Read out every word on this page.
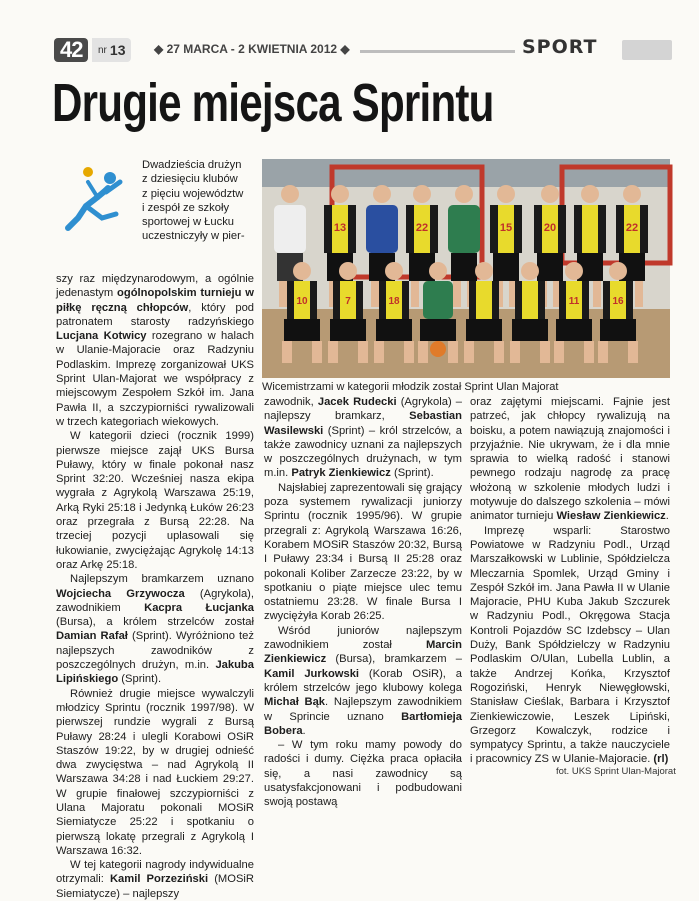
42	nr 13 ◆ 27 MARCA - 2 KWIETNIA 2012 ◆	SPORT
Drugie miejsca Sprintu
Dwadzieścia drużyn
z dziesięciu klubów
z pięciu województw
i zespół ze szkoły
sportowej w Łucku
uczestniczyły w pier-

szy raz międzynarodowym, a ogólnie jedenastym ogólnopolskim turnieju w piłkę ręczną chłopców, który pod patronatem starosty radzyńskiego Lucjana Kotwicy rozegrano w halach w Ulanie-Majoracie oraz Radzyniu Podlaskim. Imprezę zorganizował UKS Sprint Ulan-Majorat we współpracy z miejscowym Zespołem Szkół im. Jana Pawła II, a szczypiorniści rywalizowali w trzech kategoriach wiekowych.

W kategorii dzieci (rocznik 1999) pierwsze miejsce zajął UKS Bursa Puławy, który w finale pokonał nasz Sprint 32:20. Wcześniej nasza ekipa wygrała z Agrykolą Warszawa 25:19, Arką Ryki 25:18 i Jedynką Łuków 26:23 oraz przegrała z Bursą 22:28. Na trzeciej pozycji uplasowali się łukowianie, zwyciężając Agrykolę 14:13 oraz Arkę 25:18.

Najlepszym bramkarzem uznano Wojciecha Grzywocza (Agrykola), zawodnikiem Kacpra Łucjanka (Bursa), a królem strzelców został Damian Rafał (Sprint). Wyróżniono też najlepszych zawodników z poszczególnych drużyn, m.in. Jakuba Lipińskiego (Sprint).

Również drugie miejsce wywalczyli młodzicy Sprintu (rocznik 1997/98). W pierwszej rundzie wygrali z Bursą Puławy 28:24 i ulegli Korabowi OSiR Staszów 19:22, by w drugiej odnieść dwa zwycięstwa – nad Agrykolą II Warszawa 34:28 i nad Łuckiem 29:27. W grupie finałowej szczypiorniści z Ulana Majoratu pokonali MOSiR Siemiatycze 25:22 i spotkaniu o pierwszą lokatę przegrali z Agrykolą I Warszawa 16:32.

W tej kategorii nagrody indywidualne otrzymali: Kamil Porzeziński (MOSiR Siemiatycze) – najlepszy

13	22	15	20	22
10	7	18	11	16
Wicemistrzami w kategorii młodzik został Sprint Ulan Majorat

zawodnik, Jacek Rudecki (Agrykola) – najlepszy bramkarz, Sebastian Wasilewski (Sprint) – król strzelców, a także zawodnicy uznani za najlepszych w poszczególnych drużynach, w tym m.in. Patryk Zienkiewicz (Sprint).

Najsłabiej zaprezentowali się grający poza systemem rywalizacji juniorzy Sprintu (rocznik 1995/96). W grupie przegrali z: Agrykolą Warszawa 16:26, Korabem MOSiR Staszów 20:32, Bursą I Puławy 23:34 i Bursą II 25:28 oraz pokonali Koliber Zarzecze 23:22, by w spotkaniu o piąte miejsce ulec temu ostatniemu 23:28. W finale Bursa I zwyciężyła Korab 26:25.

Wśród juniorów najlepszym zawodnikiem został Marcin Zienkiewicz (Bursa), bramkarzem – Kamil Jurkowski (Korab OSiR), a królem strzelców jego klubowy kolega Michał Bąk. Najlepszym zawodnikiem w Sprincie uznano Bartłomieja Bobera.

– W tym roku mamy powody do radości i dumy. Ciężka praca opłaciła się, a nasi zawodnicy są usatysfakcjonowani i podbudowani swoją postawą

oraz zajętymi miejscami. Fajnie jest patrzeć, jak chłopcy rywalizują na boisku, a potem nawiązują znajomości i przyjaźnie. Nie ukrywam, że i dla mnie sprawia to wielką radość i stanowi pewnego rodzaju nagrodę za pracę włożoną w szkolenie młodych ludzi i motywuje do dalszego szkolenia – mówi animator turnieju Wiesław Zienkiewicz.

Imprezę wsparli: Starostwo Powiatowe w Radzyniu Podl., Urząd Marszałkowski w Lublinie, Spółdzielcza Mleczarnia Spomlek, Urząd Gminy i Zespół Szkół im. Jana Pawła II w Ulanie Majoracie, PHU Kuba Jakub Szczurek w Radzyniu Podl., Okręgowa Stacja Kontroli Pojazdów SC Izdebscy – Ulan Duży, Bank Spółdzielczy w Radzyniu Podlaskim O/Ulan, Lubella Lublin, a także Andrzej Końka, Krzysztof Rogoziński, Henryk Niewęgłowski, Stanisław Cieślak, Barbara i Krzysztof Zienkiewiczowie, Leszek Lipiński, Grzegorz Kowalczyk, rodzice i sympatycy Sprintu, a także nauczyciele i pracownicy ZS w Ulanie-Majoracie. (rl)

fot. UKS Sprint Ulan-Majorat
